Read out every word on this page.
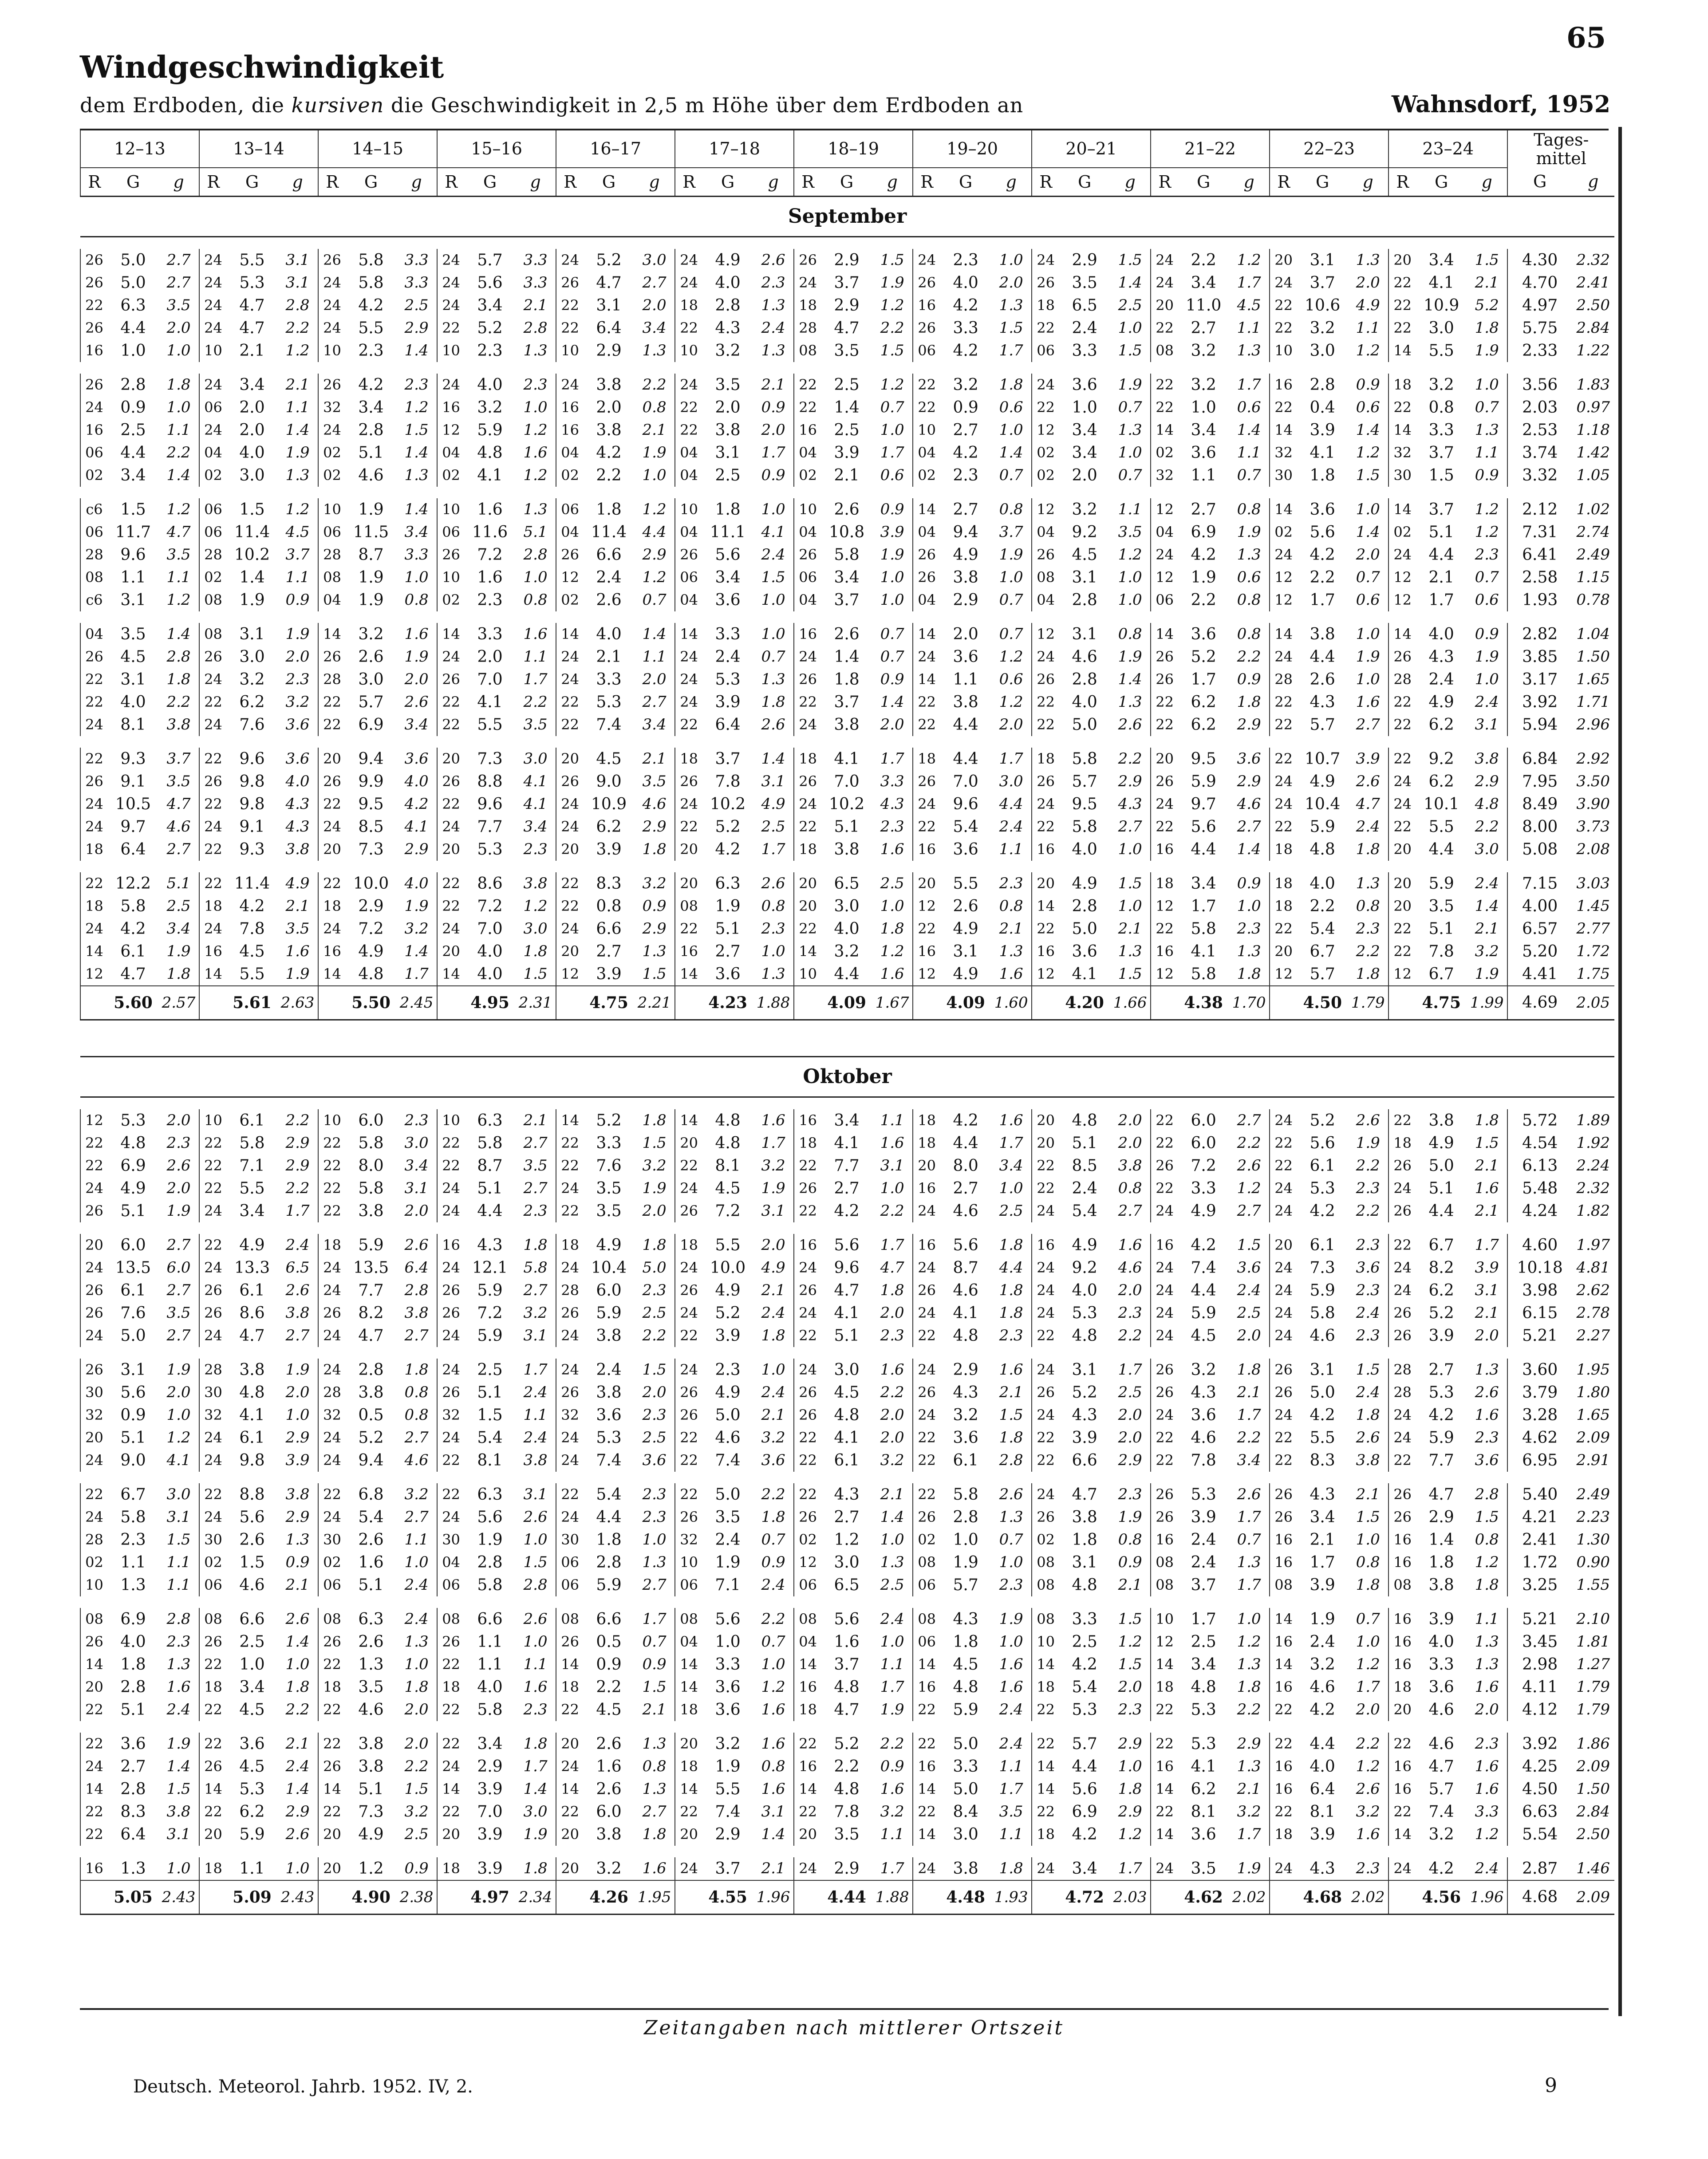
65
Windgeschwindigkeit
dem Erdboden, die kursiven die Geschwindigkeit in 2,5 m Höhe über dem Erdboden an	Wahnsdorf, 1952
12–13			13–14			14–15			15–16			16–17			17–18			18–19			19–20			20–21			21–22			22–23			23–24			Tages-
mittel	

R	G	g	R	G	g	R	G	g	R	G	g	R	G	g	R	G	g	R	G	g	R	G	g	R	G	g	R	G	g	R	G	g	R	G	g	G	g
September																																					

26	5.0	2.7	24	5.5	3.1	26	5.8	3.3	24	5.7	3.3	24	5.2	3.0	24	4.9	2.6	26	2.9	1.5	24	2.3	1.0	24	2.9	1.5	24	2.2	1.2	20	3.1	1.3	20	3.4	1.5	4.30	2.32
26	5.0	2.7	24	5.3	3.1	24	5.8	3.3	24	5.6	3.3	26	4.7	2.7	24	4.0	2.3	24	3.7	1.9	26	4.0	2.0	26	3.5	1.4	24	3.4	1.7	24	3.7	2.0	22	4.1	2.1	4.70	2.41
22	6.3	3.5	24	4.7	2.8	24	4.2	2.5	24	3.4	2.1	22	3.1	2.0	18	2.8	1.3	18	2.9	1.2	16	4.2	1.3	18	6.5	2.5	20	11.0	4.5	22	10.6	4.9	22	10.9	5.2	4.97	2.50
26	4.4	2.0	24	4.7	2.2	24	5.5	2.9	22	5.2	2.8	22	6.4	3.4	22	4.3	2.4	28	4.7	2.2	26	3.3	1.5	22	2.4	1.0	22	2.7	1.1	22	3.2	1.1	22	3.0	1.8	5.75	2.84
16	1.0	1.0	10	2.1	1.2	10	2.3	1.4	10	2.3	1.3	10	2.9	1.3	10	3.2	1.3	08	3.5	1.5	06	4.2	1.7	06	3.3	1.5	08	3.2	1.3	10	3.0	1.2	14	5.5	1.9	2.33	1.22

26	2.8	1.8	24	3.4	2.1	26	4.2	2.3	24	4.0	2.3	24	3.8	2.2	24	3.5	2.1	22	2.5	1.2	22	3.2	1.8	24	3.6	1.9	22	3.2	1.7	16	2.8	0.9	18	3.2	1.0	3.56	1.83
24	0.9	1.0	06	2.0	1.1	32	3.4	1.2	16	3.2	1.0	16	2.0	0.8	22	2.0	0.9	22	1.4	0.7	22	0.9	0.6	22	1.0	0.7	22	1.0	0.6	22	0.4	0.6	22	0.8	0.7	2.03	0.97
16	2.5	1.1	24	2.0	1.4	24	2.8	1.5	12	5.9	1.2	16	3.8	2.1	22	3.8	2.0	16	2.5	1.0	10	2.7	1.0	12	3.4	1.3	14	3.4	1.4	14	3.9	1.4	14	3.3	1.3	2.53	1.18
06	4.4	2.2	04	4.0	1.9	02	5.1	1.4	04	4.8	1.6	04	4.2	1.9	04	3.1	1.7	04	3.9	1.7	04	4.2	1.4	02	3.4	1.0	02	3.6	1.1	32	4.1	1.2	32	3.7	1.1	3.74	1.42
02	3.4	1.4	02	3.0	1.3	02	4.6	1.3	02	4.1	1.2	02	2.2	1.0	04	2.5	0.9	02	2.1	0.6	02	2.3	0.7	02	2.0	0.7	32	1.1	0.7	30	1.8	1.5	30	1.5	0.9	3.32	1.05

c6	1.5	1.2	06	1.5	1.2	10	1.9	1.4	10	1.6	1.3	06	1.8	1.2	10	1.8	1.0	10	2.6	0.9	14	2.7	0.8	12	3.2	1.1	12	2.7	0.8	14	3.6	1.0	14	3.7	1.2	2.12	1.02
06	11.7	4.7	06	11.4	4.5	06	11.5	3.4	06	11.6	5.1	04	11.4	4.4	04	11.1	4.1	04	10.8	3.9	04	9.4	3.7	04	9.2	3.5	04	6.9	1.9	02	5.6	1.4	02	5.1	1.2	7.31	2.74
28	9.6	3.5	28	10.2	3.7	28	8.7	3.3	26	7.2	2.8	26	6.6	2.9	26	5.6	2.4	26	5.8	1.9	26	4.9	1.9	26	4.5	1.2	24	4.2	1.3	24	4.2	2.0	24	4.4	2.3	6.41	2.49
08	1.1	1.1	02	1.4	1.1	08	1.9	1.0	10	1.6	1.0	12	2.4	1.2	06	3.4	1.5	06	3.4	1.0	26	3.8	1.0	08	3.1	1.0	12	1.9	0.6	12	2.2	0.7	12	2.1	0.7	2.58	1.15
c6	3.1	1.2	08	1.9	0.9	04	1.9	0.8	02	2.3	0.8	02	2.6	0.7	04	3.6	1.0	04	3.7	1.0	04	2.9	0.7	04	2.8	1.0	06	2.2	0.8	12	1.7	0.6	12	1.7	0.6	1.93	0.78

04	3.5	1.4	08	3.1	1.9	14	3.2	1.6	14	3.3	1.6	14	4.0	1.4	14	3.3	1.0	16	2.6	0.7	14	2.0	0.7	12	3.1	0.8	14	3.6	0.8	14	3.8	1.0	14	4.0	0.9	2.82	1.04
26	4.5	2.8	26	3.0	2.0	26	2.6	1.9	24	2.0	1.1	24	2.1	1.1	24	2.4	0.7	24	1.4	0.7	24	3.6	1.2	24	4.6	1.9	26	5.2	2.2	24	4.4	1.9	26	4.3	1.9	3.85	1.50
22	3.1	1.8	24	3.2	2.3	28	3.0	2.0	26	7.0	1.7	24	3.3	2.0	24	5.3	1.3	26	1.8	0.9	14	1.1	0.6	26	2.8	1.4	26	1.7	0.9	28	2.6	1.0	28	2.4	1.0	3.17	1.65
22	4.0	2.2	22	6.2	3.2	22	5.7	2.6	22	4.1	2.2	22	5.3	2.7	24	3.9	1.8	22	3.7	1.4	22	3.8	1.2	22	4.0	1.3	22	6.2	1.8	22	4.3	1.6	22	4.9	2.4	3.92	1.71
24	8.1	3.8	24	7.6	3.6	22	6.9	3.4	22	5.5	3.5	22	7.4	3.4	22	6.4	2.6	24	3.8	2.0	22	4.4	2.0	22	5.0	2.6	22	6.2	2.9	22	5.7	2.7	22	6.2	3.1	5.94	2.96

22	9.3	3.7	22	9.6	3.6	20	9.4	3.6	20	7.3	3.0	20	4.5	2.1	18	3.7	1.4	18	4.1	1.7	18	4.4	1.7	18	5.8	2.2	20	9.5	3.6	22	10.7	3.9	22	9.2	3.8	6.84	2.92
26	9.1	3.5	26	9.8	4.0	26	9.9	4.0	26	8.8	4.1	26	9.0	3.5	26	7.8	3.1	26	7.0	3.3	26	7.0	3.0	26	5.7	2.9	26	5.9	2.9	24	4.9	2.6	24	6.2	2.9	7.95	3.50
24	10.5	4.7	22	9.8	4.3	22	9.5	4.2	22	9.6	4.1	24	10.9	4.6	24	10.2	4.9	24	10.2	4.3	24	9.6	4.4	24	9.5	4.3	24	9.7	4.6	24	10.4	4.7	24	10.1	4.8	8.49	3.90
24	9.7	4.6	24	9.1	4.3	24	8.5	4.1	24	7.7	3.4	24	6.2	2.9	22	5.2	2.5	22	5.1	2.3	22	5.4	2.4	22	5.8	2.7	22	5.6	2.7	22	5.9	2.4	22	5.5	2.2	8.00	3.73
18	6.4	2.7	22	9.3	3.8	20	7.3	2.9	20	5.3	2.3	20	3.9	1.8	20	4.2	1.7	18	3.8	1.6	16	3.6	1.1	16	4.0	1.0	16	4.4	1.4	18	4.8	1.8	20	4.4	3.0	5.08	2.08

22	12.2	5.1	22	11.4	4.9	22	10.0	4.0	22	8.6	3.8	22	8.3	3.2	20	6.3	2.6	20	6.5	2.5	20	5.5	2.3	20	4.9	1.5	18	3.4	0.9	18	4.0	1.3	20	5.9	2.4	7.15	3.03
18	5.8	2.5	18	4.2	2.1	18	2.9	1.9	22	7.2	1.2	22	0.8	0.9	08	1.9	0.8	20	3.0	1.0	12	2.6	0.8	14	2.8	1.0	12	1.7	1.0	18	2.2	0.8	20	3.5	1.4	4.00	1.45
24	4.2	3.4	24	7.8	3.5	24	7.2	3.2	24	7.0	3.0	24	6.6	2.9	22	5.1	2.3	22	4.0	1.8	22	4.9	2.1	22	5.0	2.1	22	5.8	2.3	22	5.4	2.3	22	5.1	2.1	6.57	2.77
14	6.1	1.9	16	4.5	1.6	16	4.9	1.4	20	4.0	1.8	20	2.7	1.3	16	2.7	1.0	14	3.2	1.2	16	3.1	1.3	16	3.6	1.3	16	4.1	1.3	20	6.7	2.2	22	7.8	3.2	5.20	1.72
12	4.7	1.8	14	5.5	1.9	14	4.8	1.7	14	4.0	1.5	12	3.9	1.5	14	3.6	1.3	10	4.4	1.6	12	4.9	1.6	12	4.1	1.5	12	5.8	1.8	12	5.7	1.8	12	6.7	1.9	4.41	1.75
	5.60	2.57		5.61	2.63		5.50	2.45		4.95	2.31		4.75	2.21		4.23	1.88		4.09	1.67		4.09	1.60		4.20	1.66		4.38	1.70		4.50	1.79		4.75	1.99	4.69	2.05

Oktober																																					

12	5.3	2.0	10	6.1	2.2	10	6.0	2.3	10	6.3	2.1	14	5.2	1.8	14	4.8	1.6	16	3.4	1.1	18	4.2	1.6	20	4.8	2.0	22	6.0	2.7	24	5.2	2.6	22	3.8	1.8	5.72	1.89
22	4.8	2.3	22	5.8	2.9	22	5.8	3.0	22	5.8	2.7	22	3.3	1.5	20	4.8	1.7	18	4.1	1.6	18	4.4	1.7	20	5.1	2.0	22	6.0	2.2	22	5.6	1.9	18	4.9	1.5	4.54	1.92
22	6.9	2.6	22	7.1	2.9	22	8.0	3.4	22	8.7	3.5	22	7.6	3.2	22	8.1	3.2	22	7.7	3.1	20	8.0	3.4	22	8.5	3.8	26	7.2	2.6	22	6.1	2.2	26	5.0	2.1	6.13	2.24
24	4.9	2.0	22	5.5	2.2	22	5.8	3.1	24	5.1	2.7	24	3.5	1.9	24	4.5	1.9	26	2.7	1.0	16	2.7	1.0	22	2.4	0.8	22	3.3	1.2	24	5.3	2.3	24	5.1	1.6	5.48	2.32
26	5.1	1.9	24	3.4	1.7	22	3.8	2.0	24	4.4	2.3	22	3.5	2.0	26	7.2	3.1	22	4.2	2.2	24	4.6	2.5	24	5.4	2.7	24	4.9	2.7	24	4.2	2.2	26	4.4	2.1	4.24	1.82

20	6.0	2.7	22	4.9	2.4	18	5.9	2.6	16	4.3	1.8	18	4.9	1.8	18	5.5	2.0	16	5.6	1.7	16	5.6	1.8	16	4.9	1.6	16	4.2	1.5	20	6.1	2.3	22	6.7	1.7	4.60	1.97
24	13.5	6.0	24	13.3	6.5	24	13.5	6.4	24	12.1	5.8	24	10.4	5.0	24	10.0	4.9	24	9.6	4.7	24	8.7	4.4	24	9.2	4.6	24	7.4	3.6	24	7.3	3.6	24	8.2	3.9	10.18	4.81
26	6.1	2.7	26	6.1	2.6	24	7.7	2.8	26	5.9	2.7	28	6.0	2.3	26	4.9	2.1	26	4.7	1.8	26	4.6	1.8	24	4.0	2.0	24	4.4	2.4	24	5.9	2.3	24	6.2	3.1	3.98	2.62
26	7.6	3.5	26	8.6	3.8	26	8.2	3.8	26	7.2	3.2	26	5.9	2.5	24	5.2	2.4	24	4.1	2.0	24	4.1	1.8	24	5.3	2.3	24	5.9	2.5	24	5.8	2.4	26	5.2	2.1	6.15	2.78
24	5.0	2.7	24	4.7	2.7	24	4.7	2.7	24	5.9	3.1	24	3.8	2.2	22	3.9	1.8	22	5.1	2.3	22	4.8	2.3	22	4.8	2.2	24	4.5	2.0	24	4.6	2.3	26	3.9	2.0	5.21	2.27

26	3.1	1.9	28	3.8	1.9	24	2.8	1.8	24	2.5	1.7	24	2.4	1.5	24	2.3	1.0	24	3.0	1.6	24	2.9	1.6	24	3.1	1.7	26	3.2	1.8	26	3.1	1.5	28	2.7	1.3	3.60	1.95
30	5.6	2.0	30	4.8	2.0	28	3.8	0.8	26	5.1	2.4	26	3.8	2.0	26	4.9	2.4	26	4.5	2.2	26	4.3	2.1	26	5.2	2.5	26	4.3	2.1	26	5.0	2.4	28	5.3	2.6	3.79	1.80
32	0.9	1.0	32	4.1	1.0	32	0.5	0.8	32	1.5	1.1	32	3.6	2.3	26	5.0	2.1	26	4.8	2.0	24	3.2	1.5	24	4.3	2.0	24	3.6	1.7	24	4.2	1.8	24	4.2	1.6	3.28	1.65
20	5.1	1.2	24	6.1	2.9	24	5.2	2.7	24	5.4	2.4	24	5.3	2.5	22	4.6	3.2	22	4.1	2.0	22	3.6	1.8	22	3.9	2.0	22	4.6	2.2	22	5.5	2.6	24	5.9	2.3	4.62	2.09
24	9.0	4.1	24	9.8	3.9	24	9.4	4.6	22	8.1	3.8	24	7.4	3.6	22	7.4	3.6	22	6.1	3.2	22	6.1	2.8	22	6.6	2.9	22	7.8	3.4	22	8.3	3.8	22	7.7	3.6	6.95	2.91

22	6.7	3.0	22	8.8	3.8	22	6.8	3.2	22	6.3	3.1	22	5.4	2.3	22	5.0	2.2	22	4.3	2.1	22	5.8	2.6	24	4.7	2.3	26	5.3	2.6	26	4.3	2.1	26	4.7	2.8	5.40	2.49
24	5.8	3.1	24	5.6	2.9	24	5.4	2.7	24	5.6	2.6	24	4.4	2.3	26	3.5	1.8	26	2.7	1.4	26	2.8	1.3	26	3.8	1.9	26	3.9	1.7	26	3.4	1.5	26	2.9	1.5	4.21	2.23
28	2.3	1.5	30	2.6	1.3	30	2.6	1.1	30	1.9	1.0	30	1.8	1.0	32	2.4	0.7	02	1.2	1.0	02	1.0	0.7	02	1.8	0.8	16	2.4	0.7	16	2.1	1.0	16	1.4	0.8	2.41	1.30
02	1.1	1.1	02	1.5	0.9	02	1.6	1.0	04	2.8	1.5	06	2.8	1.3	10	1.9	0.9	12	3.0	1.3	08	1.9	1.0	08	3.1	0.9	08	2.4	1.3	16	1.7	0.8	16	1.8	1.2	1.72	0.90
10	1.3	1.1	06	4.6	2.1	06	5.1	2.4	06	5.8	2.8	06	5.9	2.7	06	7.1	2.4	06	6.5	2.5	06	5.7	2.3	08	4.8	2.1	08	3.7	1.7	08	3.9	1.8	08	3.8	1.8	3.25	1.55

08	6.9	2.8	08	6.6	2.6	08	6.3	2.4	08	6.6	2.6	08	6.6	1.7	08	5.6	2.2	08	5.6	2.4	08	4.3	1.9	08	3.3	1.5	10	1.7	1.0	14	1.9	0.7	16	3.9	1.1	5.21	2.10
26	4.0	2.3	26	2.5	1.4	26	2.6	1.3	26	1.1	1.0	26	0.5	0.7	04	1.0	0.7	04	1.6	1.0	06	1.8	1.0	10	2.5	1.2	12	2.5	1.2	16	2.4	1.0	16	4.0	1.3	3.45	1.81
14	1.8	1.3	22	1.0	1.0	22	1.3	1.0	22	1.1	1.1	14	0.9	0.9	14	3.3	1.0	14	3.7	1.1	14	4.5	1.6	14	4.2	1.5	14	3.4	1.3	14	3.2	1.2	16	3.3	1.3	2.98	1.27
20	2.8	1.6	18	3.4	1.8	18	3.5	1.8	18	4.0	1.6	18	2.2	1.5	14	3.6	1.2	16	4.8	1.7	16	4.8	1.6	18	5.4	2.0	18	4.8	1.8	16	4.6	1.7	18	3.6	1.6	4.11	1.79
22	5.1	2.4	22	4.5	2.2	22	4.6	2.0	22	5.8	2.3	22	4.5	2.1	18	3.6	1.6	18	4.7	1.9	22	5.9	2.4	22	5.3	2.3	22	5.3	2.2	22	4.2	2.0	20	4.6	2.0	4.12	1.79

22	3.6	1.9	22	3.6	2.1	22	3.8	2.0	22	3.4	1.8	20	2.6	1.3	20	3.2	1.6	22	5.2	2.2	22	5.0	2.4	22	5.7	2.9	22	5.3	2.9	22	4.4	2.2	22	4.6	2.3	3.92	1.86
24	2.7	1.4	26	4.5	2.4	26	3.8	2.2	24	2.9	1.7	24	1.6	0.8	18	1.9	0.8	16	2.2	0.9	16	3.3	1.1	14	4.4	1.0	16	4.1	1.3	16	4.0	1.2	16	4.7	1.6	4.25	2.09
14	2.8	1.5	14	5.3	1.4	14	5.1	1.5	14	3.9	1.4	14	2.6	1.3	14	5.5	1.6	14	4.8	1.6	14	5.0	1.7	14	5.6	1.8	14	6.2	2.1	16	6.4	2.6	16	5.7	1.6	4.50	1.50
22	8.3	3.8	22	6.2	2.9	22	7.3	3.2	22	7.0	3.0	22	6.0	2.7	22	7.4	3.1	22	7.8	3.2	22	8.4	3.5	22	6.9	2.9	22	8.1	3.2	22	8.1	3.2	22	7.4	3.3	6.63	2.84
22	6.4	3.1	20	5.9	2.6	20	4.9	2.5	20	3.9	1.9	20	3.8	1.8	20	2.9	1.4	20	3.5	1.1	14	3.0	1.1	18	4.2	1.2	14	3.6	1.7	18	3.9	1.6	14	3.2	1.2	5.54	2.50

16	1.3	1.0	18	1.1	1.0	20	1.2	0.9	18	3.9	1.8	20	3.2	1.6	24	3.7	2.1	24	2.9	1.7	24	3.8	1.8	24	3.4	1.7	24	3.5	1.9	24	4.3	2.3	24	4.2	2.4	2.87	1.46
	5.05	2.43		5.09	2.43		4.90	2.38		4.97	2.34		4.26	1.95		4.55	1.96		4.44	1.88		4.48	1.93		4.72	2.03		4.62	2.02		4.68	2.02		4.56	1.96	4.68	2.09
Zeitangaben nach mittlerer Ortszeit
Deutsch. Meteorol. Jahrb. 1952. IV, 2.	9
